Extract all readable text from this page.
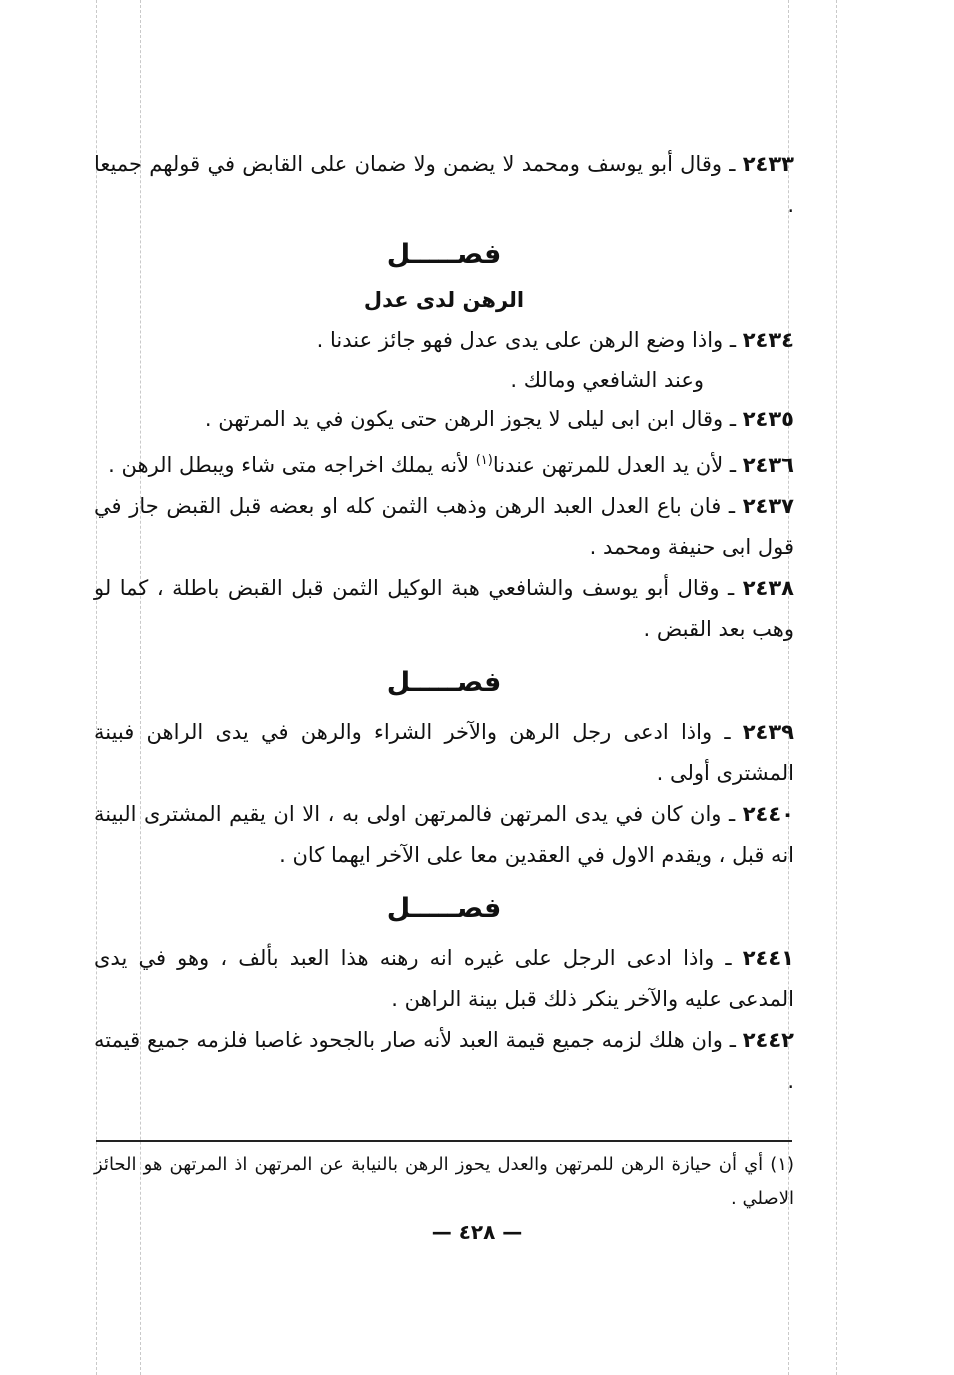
٢٤٣٣ ـ وقال أبو يوسف ومحمد لا يضمن ولا ضمان على القابض في قولهم جميعا .

فصـــــل

الرهن لدى عدل

٢٤٣٤ ـ واذا وضع الرهن على يدى عدل فهو جائز عندنا .

وعند الشافعي ومالك .

٢٤٣٥ ـ وقال ابن ابى ليلى لا يجوز الرهن حتى يكون في يد المرتهن .

٢٤٣٦ ـ لأن يد العدل للمرتهن عندنا$^{(١)}$ لأنه يملك اخراجه متى شاء ويبطل الرهن .

٢٤٣٧ ـ فان باع العدل العبد الرهن وذهب الثمن كله او بعضه قبل القبض جاز في قول ابى حنيفة ومحمد .

٢٤٣٨ ـ وقال أبو يوسف والشافعي هبة الوكيل الثمن قبل القبض باطلة ، كما لو وهب بعد القبض .

فصـــــل

٢٤٣٩ ـ واذا ادعى رجل الرهن والآخر الشراء والرهن في يدى الراهن فبينة المشترى أولى .

٢٤٤٠ ـ وان كان في يدى المرتهن فالمرتهن اولى به ، الا ان يقيم المشترى البينة انه قبل ، ويقدم الاول في العقدين معا على الآخر ايهما كان .

فصـــــل

٢٤٤١ ـ واذا ادعى الرجل على غيره انه رهنه هذا العبد بألف ، وهو في يدى المدعى عليه والآخر ينكر ذلك قبل بينة الراهن .

٢٤٤٢ ـ وان هلك لزمه جميع قيمة العبد لأنه صار بالجحود غاصبا فلزمه جميع قيمته .

(١) أي أن حيازة الرهن للمرتهن والعدل يحوز الرهن بالنيابة عن المرتهن اذ المرتهن هو الحائز الاصلي .

— ٤٢٨ —
